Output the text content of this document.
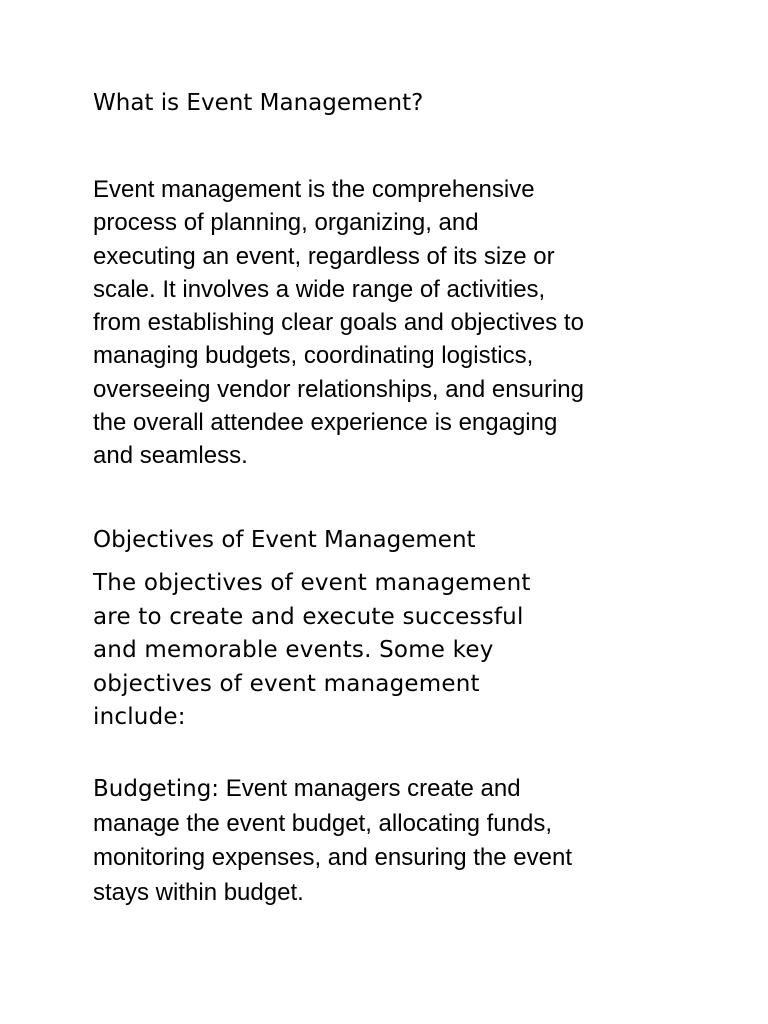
What is Event Management?

Event management is the comprehensive
process of planning, organizing, and
executing an event, regardless of its size or
scale. It involves a wide range of activities,
from establishing clear goals and objectives to
managing budgets, coordinating logistics,
overseeing vendor relationships, and ensuring
the overall attendee experience is engaging
and seamless.

Objectives of Event Management

The objectives of event management
are to create and execute successful
and memorable events. Some key
objectives of event management
include:

Budgeting: Event managers create and
manage the event budget, allocating funds,
monitoring expenses, and ensuring the event
stays within budget.
